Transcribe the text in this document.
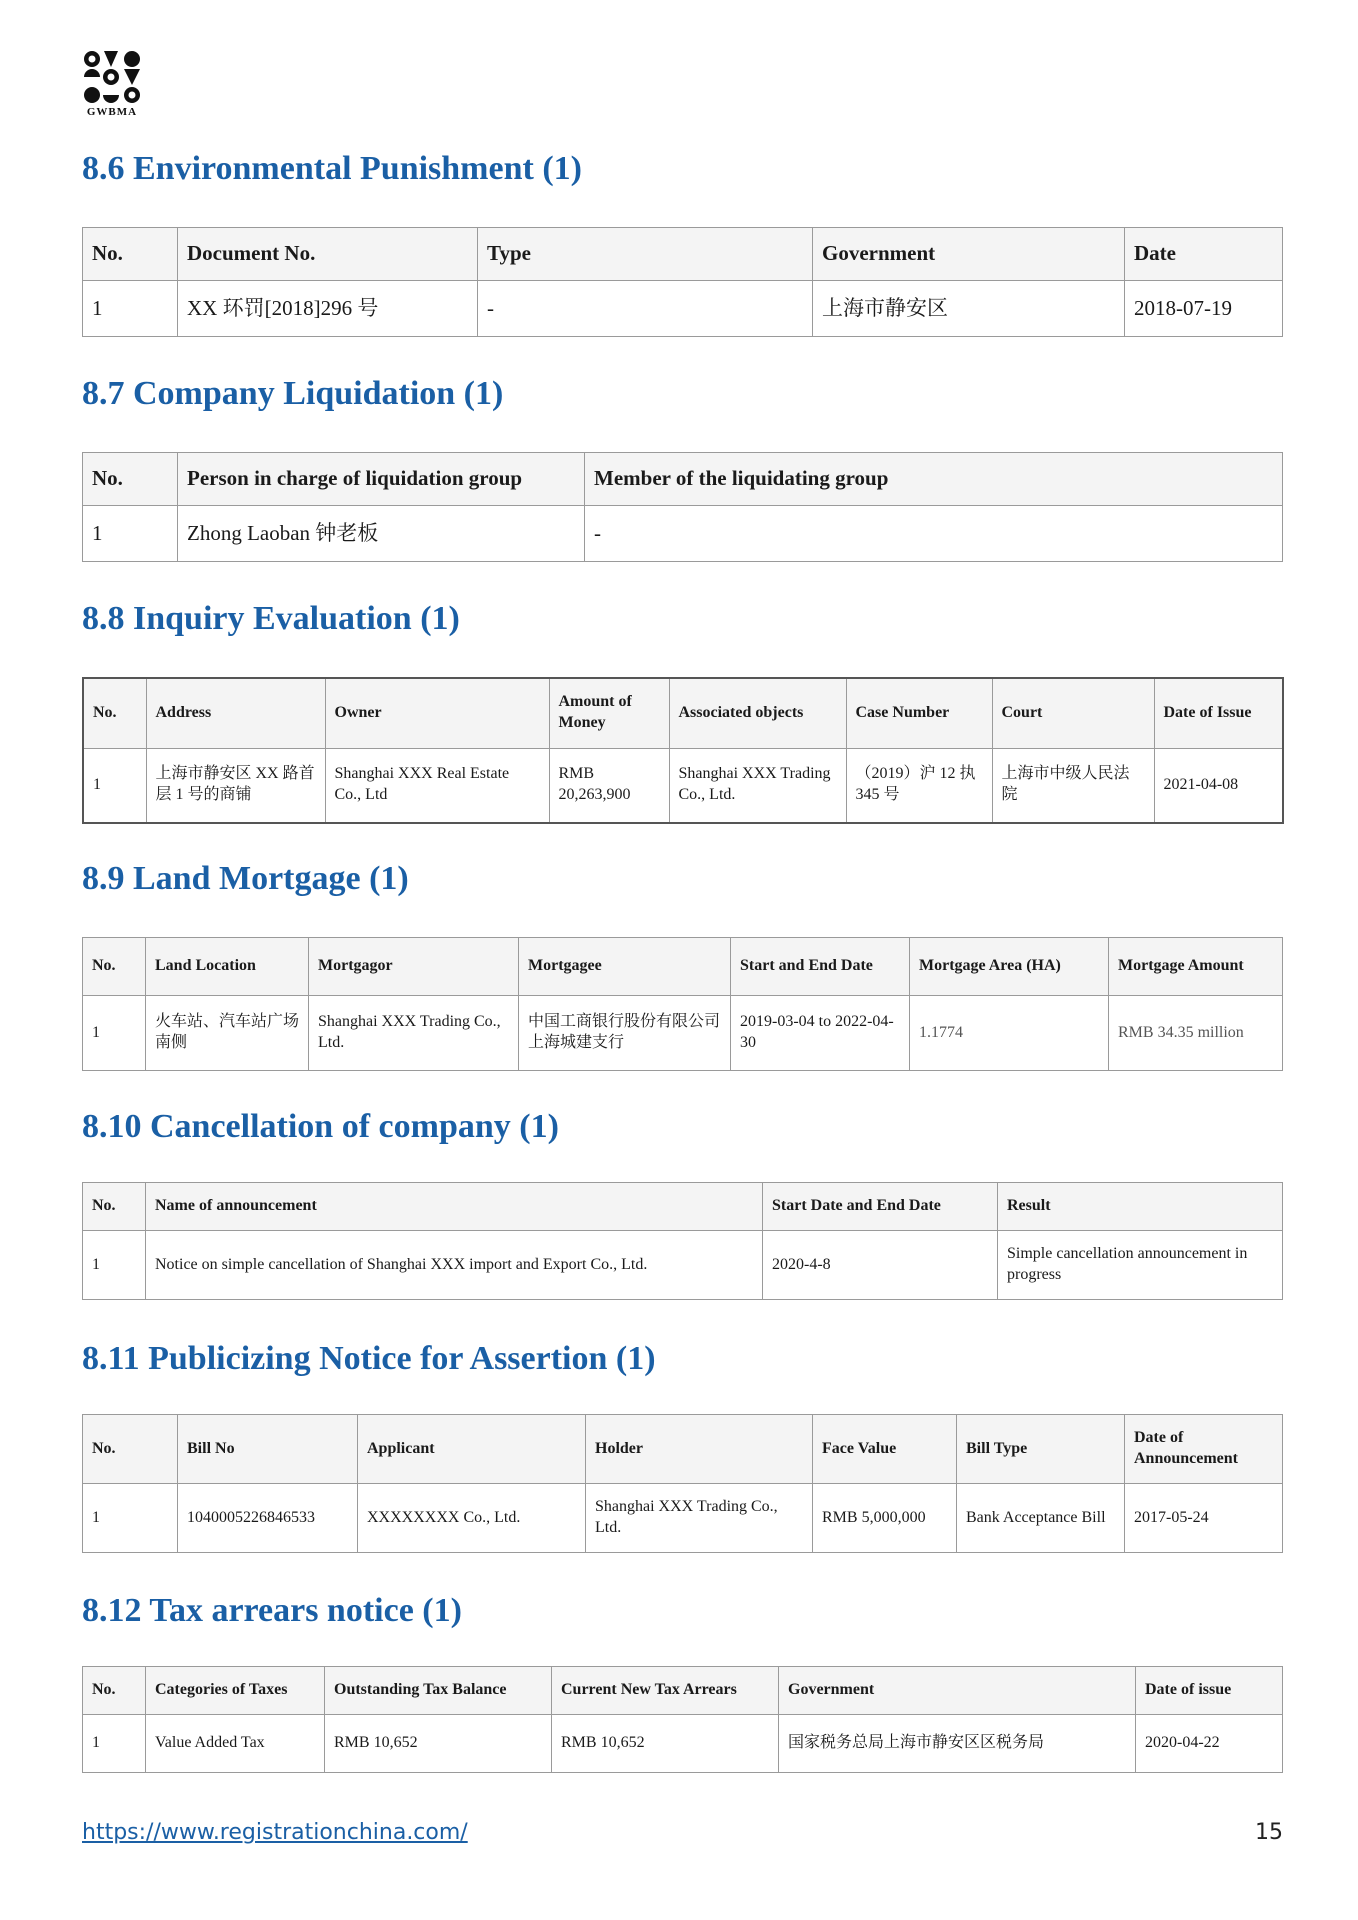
GWBMA
8.6 Environmental Punishment (1)
No.	Document No.	Type	Government	Date
1	XX 环罚[2018]296 号	-	上海市静安区	2018-07-19
8.7 Company Liquidation (1)
No.	Person in charge of liquidation group	Member of the liquidating group
1	Zhong Laoban 钟老板	-
8.8 Inquiry Evaluation (1)
No.	Address	Owner	Amount of Money	Associated objects	Case Number	Court	Date of Issue
1	上海市静安区 XX 路首层 1 号的商铺	Shanghai XXX Real Estate Co., Ltd	RMB 20,263,900	Shanghai XXX Trading Co., Ltd.	（2019）沪 12 执 345 号	上海市中级人民法院	2021-04-08
8.9 Land Mortgage (1)
No.	Land Location	Mortgagor	Mortgagee	Start and End Date	Mortgage Area (HA)	Mortgage Amount
1	火车站、汽车站广场南侧	Shanghai XXX Trading Co., Ltd.	中国工商银行股份有限公司上海城建支行	2019-03-04 to 2022-04-30	1.1774	RMB 34.35 million
8.10 Cancellation of company (1)
No.	Name of announcement	Start Date and End Date	Result
1	Notice on simple cancellation of Shanghai XXX import and Export Co., Ltd.	2020-4-8	Simple cancellation announcement in progress
8.11 Publicizing Notice for Assertion (1)
No.	Bill No	Applicant	Holder	Face Value	Bill Type	Date of Announcement
1	1040005226846533	XXXXXXXX Co., Ltd.	Shanghai XXX Trading Co., Ltd.	RMB 5,000,000	Bank Acceptance Bill	2017-05-24
8.12 Tax arrears notice (1)
No.	Categories of Taxes	Outstanding Tax Balance	Current New Tax Arrears	Government	Date of issue
1	Value Added Tax	RMB 10,652	RMB 10,652	国家税务总局上海市静安区区税务局	2020-04-22
https://www.registrationchina.com/	15
